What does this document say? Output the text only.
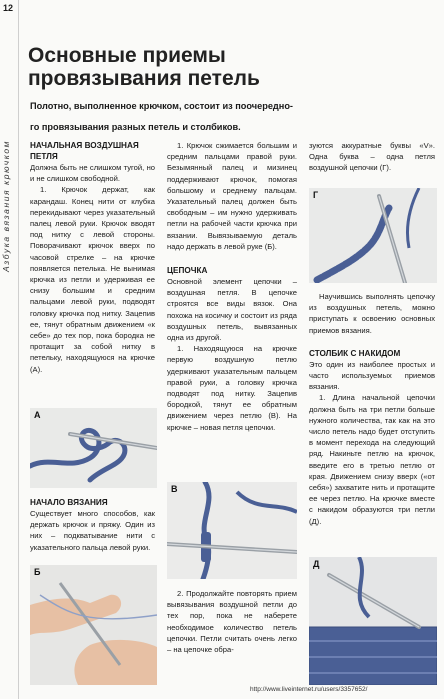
12
Азбука вязания крючком
Основные приемы
провязывания петель

Полотно, выполненное крючком, состоит из поочередно-
го провязывания разных петель и столбиков.

НАЧАЛЬНАЯ ВОЗДУШНАЯ
ПЕТЛЯ

Должна быть не слишком тугой, но и не слишком свободной.

1. Крючок держат, как карандаш. Конец нити от клубка перекидывают через указательный палец левой руки. Крючок вводят под нитку с левой стороны. Поворачивают крючок вверх по часовой стрелке – на крючке появляется петелька. Не вынимая крючка из петли и удерживая ее снизу большим и средним пальцами левой руки, подводят головку крючка под нитку. Зацепив ее, тянут обратным движением «к себе» до тех пор, пока бородка не протащит за собой нитку в петельку, находящуюся на крючке (А).

А
НАЧАЛО ВЯЗАНИЯ

Существует много способов, как держать крючок и пряжу. Один из них – подкватывание нити с указательного пальца левой руки.

Б

1. Крючок сжимается большим и средним пальцами правой руки. Безымянный палец и мизинец поддерживают крючок, помогая большому и среднему пальцам. Указательный палец должен быть свободным – им нужно удерживать петли на рабочей части крючка при вязании. Вывязываемую деталь надо держать в левой руке (Б).

ЦЕПОЧКА

Основной элемент цепочки – воздушная петля. В цепочке строятся все виды вязок. Она похожа на косичку и состоит из ряда воздушных петель, вывязанных одна из другой.

1. Находящуюся на крючке первую воздушную петлю удерживают указательным пальцем правой руки, а головку крючка подводят под нитку. Зацепив бородкой, тянут ее обратным движением через петлю (В). На крючке – новая петля цепочки.

В

2. Продолжайте повторять прием вывязывания воздушной петли до тех пор, пока не наберете необходимое количество петель цепочки. Петли считать очень легко – на цепочке обра-

зуются аккуратные буквы «V». Одна буква – одна петля воздушной цепочки (Г).

Г

Научившись выполнять цепочку из воздушных петель, можно приступать к освоению основных приемов вязания.

СТОЛБИК С НАКИДОМ

Это один из наиболее простых и часто используемых приемов вязания.

1. Длина начальной цепочки должна быть на три петли больше нужного количества, так как на это число петель надо будет отступить в момент перехода на следующий ряд. Накиньте петлю на крючок, введите его в третью петлю от края. Движением снизу вверх («от себя») захватите нить и протащите ее через петлю. На крючке вместе с накидом образуются три петли (Д).

Д
http://www.liveinternet.ru/users/3357652/
